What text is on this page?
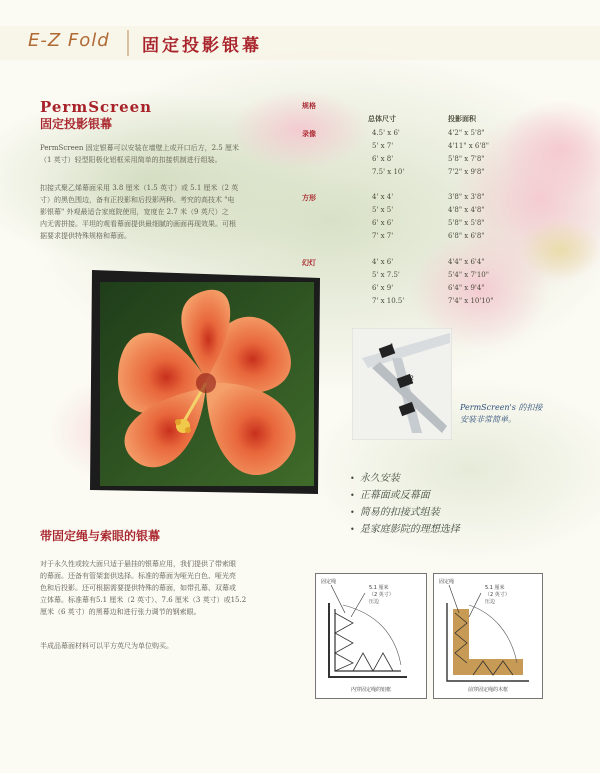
E-Z Fold 固定投影银幕
PermScreen
固定投影银幕
PermScreen 固定银幕可以安装在墙壁上或开口后方，2.5 厘米
（1 英寸）轻型阳极化铝框采用简单的扣接机制进行组装。
扣接式聚乙烯幕面采用 3.8 厘米（1.5 英寸）或 5.1 厘米（2 英
寸）的黑色围边，备有正投影和后投影两种。考究的高技术 "电
影银幕" 外观最适合家庭院使用，宽度在 2.7 米（9 英尺）之
内无需拼接。平坦的观看幕面提供最细腻的画面再现效果。可根
据要求提供特殊规格和幕面。
规格
总体尺寸	投影面积
录像	4.5' x 6'	4'2" x 5'8"
5' x 7'	4'11" x 6'8"
6' x 8'	5'8" x 7'8"
7.5' x 10'	7'2" x 9'8"
方形	4' x 4'	3'8" x 3'8"
5' x 5'	4'8" x 4'8"
6' x 6'	5'8" x 5'8"
7' x 7'	6'8" x 6'8"
幻灯	4' x 6'	4'4" x 6'4"
5' x 7.5'	5'4" x 7'10"
6' x 9'	6'4" x 9'4"
7' x 10.5'	7'4" x 10'10"
1
2
3	PermScreen's 的扣接
安装非常简单。
•  永久安装
•  正幕面或反幕面
•  简易的扣接式组装
•  是家庭影院的理想选择
带固定绳与索眼的银幕
对于永久性或较大面只适于悬挂的银幕应用，我们提供了带索眼
的幕面。还备有管架套供选择。标准的幕面为哑光白色、哑光亮
色和后投影。还可根据需要提供特殊的幕面，如带孔幕、双幕或
立体幕。标准幕有5.1 厘米（2 英寸）、7.6 厘米（3 英寸）或15.2
厘米（6 英寸）的黑幕边和进行张力调节的钢索眼。
半成品幕面材料可以平方英尺为单位购买。
固定绳
5.1 厘米
（2 英寸）
压边
内穿固定绳的铝框
固定绳
5.1 厘米
（2 英寸）
压边
前穿固定绳的木框
